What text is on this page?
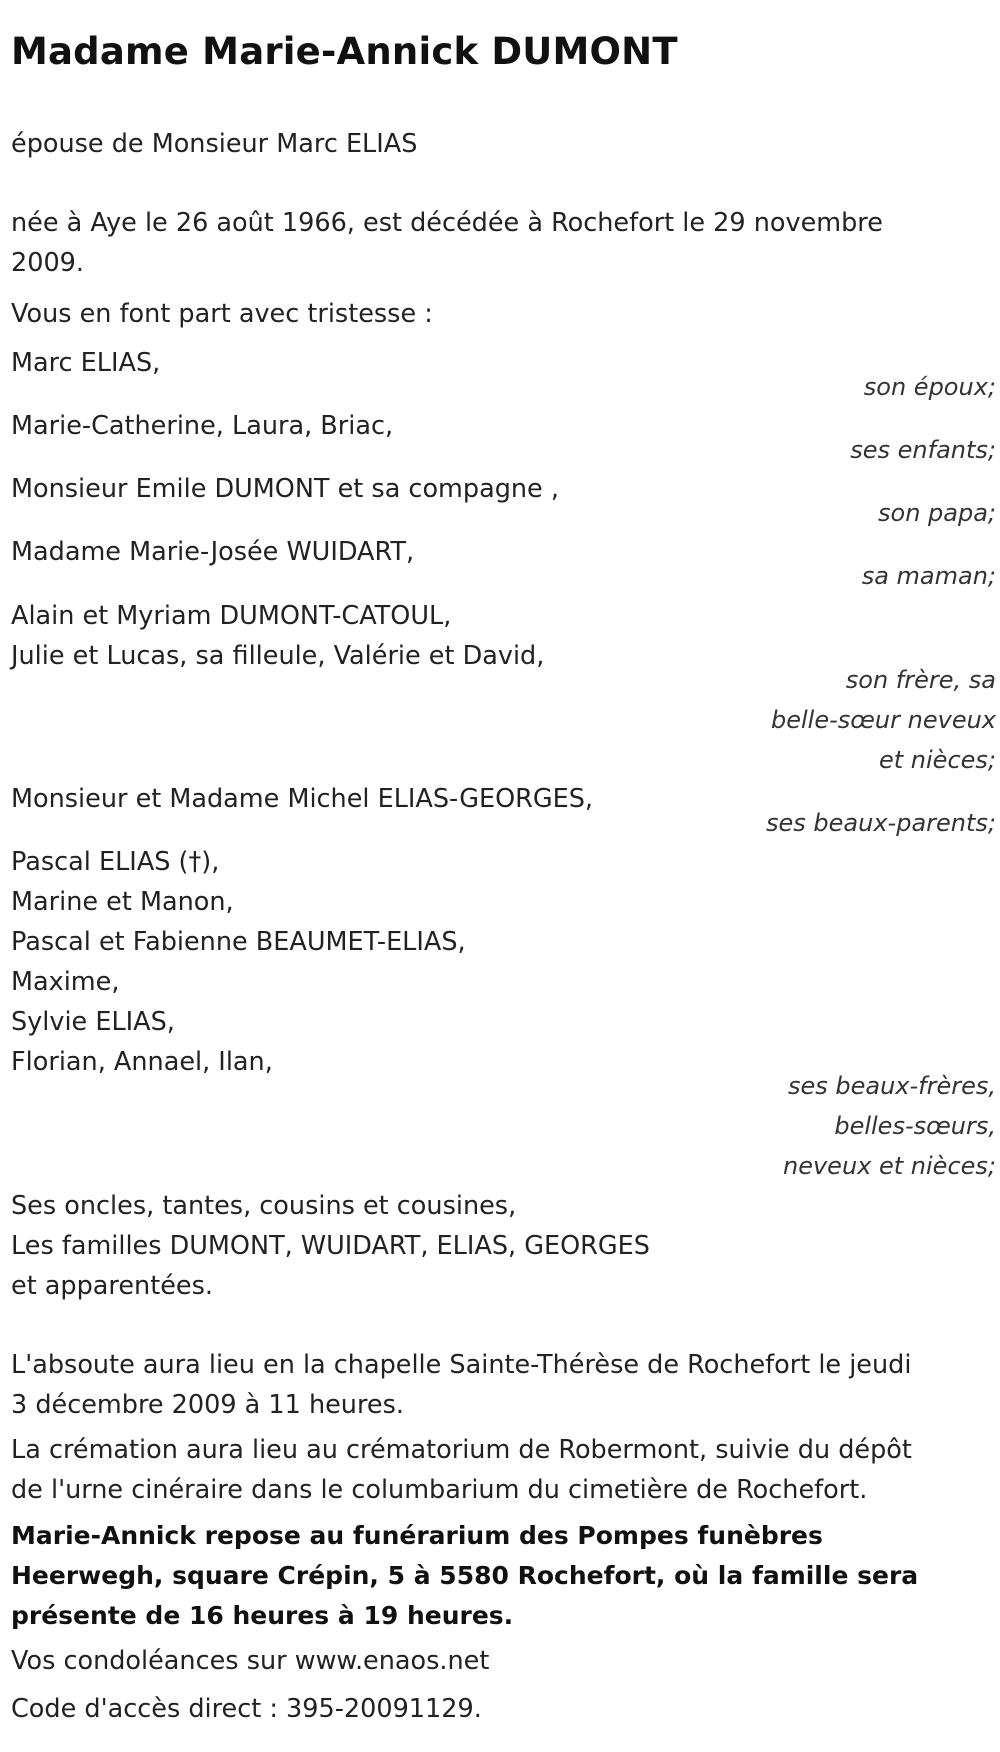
Madame Marie-Annick DUMONT

épouse de Monsieur Marc ELIAS

née à Aye le 26 août 1966, est décédée à Rochefort le 29 novembre 2009.

Vous en font part avec tristesse :

Marc ELIAS,
son époux;
Marie-Catherine, Laura, Briac,
ses enfants;
Monsieur Emile DUMONT et sa compagne ,
son papa;
Madame Marie-Josée WUIDART,
sa maman;
Alain et Myriam DUMONT-CATOUL,
Julie et Lucas, sa filleule, Valérie et David,
son frère, sa
belle-sœur neveux
et nièces;
Monsieur et Madame Michel ELIAS-GEORGES,
ses beaux-parents;
Pascal ELIAS (†),
Marine et Manon,
Pascal et Fabienne BEAUMET-ELIAS,
Maxime,
Sylvie ELIAS,
Florian, Annael, Ilan,
ses beaux-frères,
belles-sœurs,
neveux et nièces;
Ses oncles, tantes, cousins et cousines,
Les familles DUMONT, WUIDART, ELIAS, GEORGES
et apparentées.

L'absoute aura lieu en la chapelle Sainte-Thérèse de Rochefort le jeudi 3 décembre 2009 à 11 heures.

La crémation aura lieu au crématorium de Robermont, suivie du dépôt de l'urne cinéraire dans le columbarium du cimetière de Rochefort.

Marie-Annick repose au funérarium des Pompes funèbres Heerwegh, square Crépin, 5 à 5580 Rochefort, où la famille sera présente de 16 heures à 19 heures.

Vos condoléances sur www.enaos.net

Code d'accès direct : 395-20091129.
